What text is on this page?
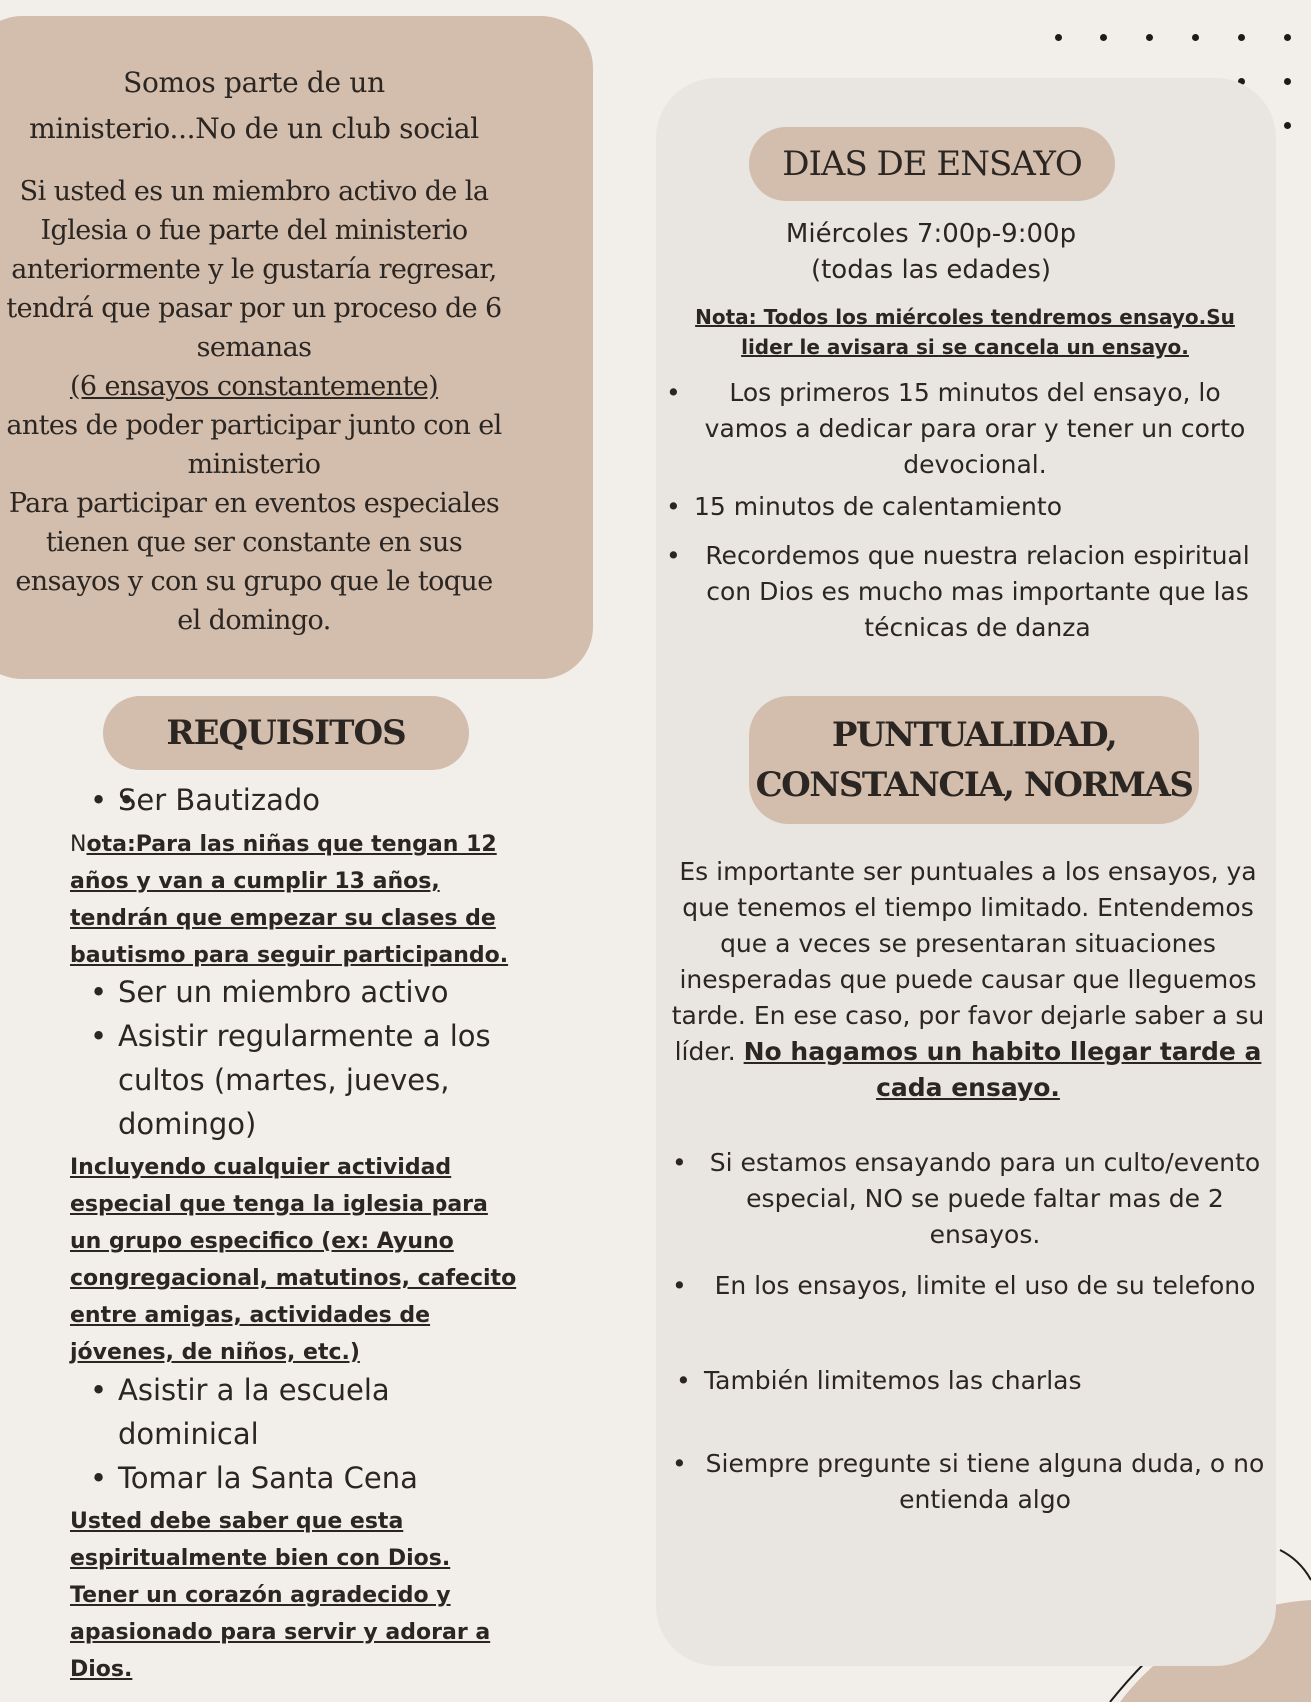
Somos parte de un
ministerio...No de un club social
Si usted es un miembro activo de la Iglesia o fue parte del ministerio anteriormente y le gustaría regresar, tendrá que pasar por un proceso de 6 semanas
(6 ensayos constantemente)
antes de poder participar junto con el ministerio
Para participar en eventos especiales tienen que ser constante en sus ensayos y con su grupo que le toque el domingo.
REQUISITOS
• • Ser Bautizado
Nota:Para las niñas que tengan 12 años y van a cumplir 13 años, tendrán que empezar su clases de bautismo para seguir participando.
• Ser un miembro activo
• Asistir regularmente a los cultos (martes, jueves, domingo)
Incluyendo cualquier actividad especial que tenga la iglesia para un grupo especifico (ex: Ayuno congregacional, matutinos, cafecito entre amigas, actividades de jóvenes, de niños, etc.)
• Asistir a la escuela dominical
• Tomar la Santa Cena
Usted debe saber que esta espiritualmente bien con Dios. Tener un corazón agradecido y apasionado para servir y adorar a Dios.
DIAS DE ENSAYO
Miércoles 7:00p-9:00p
(todas las edades)
Nota: Todos los miércoles tendremos ensayo.Su lider le avisara si se cancela un ensayo.
• Los primeros 15 minutos del ensayo, lo vamos a dedicar para orar y tener un corto devocional.
• 15 minutos de calentamiento
• Recordemos que nuestra relacion espiritual con Dios es mucho mas importante que las técnicas de danza
PUNTUALIDAD,
CONSTANCIA, NORMAS
Es importante ser puntuales a los ensayos, ya que tenemos el tiempo limitado. Entendemos que a veces se presentaran situaciones inesperadas que puede causar que lleguemos tarde. En ese caso, por favor dejarle saber a su líder. No hagamos un habito llegar tarde a cada ensayo.
• Si estamos ensayando para un culto/evento especial, NO se puede faltar mas de 2 ensayos.
• En los ensayos, limite el uso de su telefono
• También limitemos las charlas
• Siempre pregunte si tiene alguna duda, o no entienda algo
